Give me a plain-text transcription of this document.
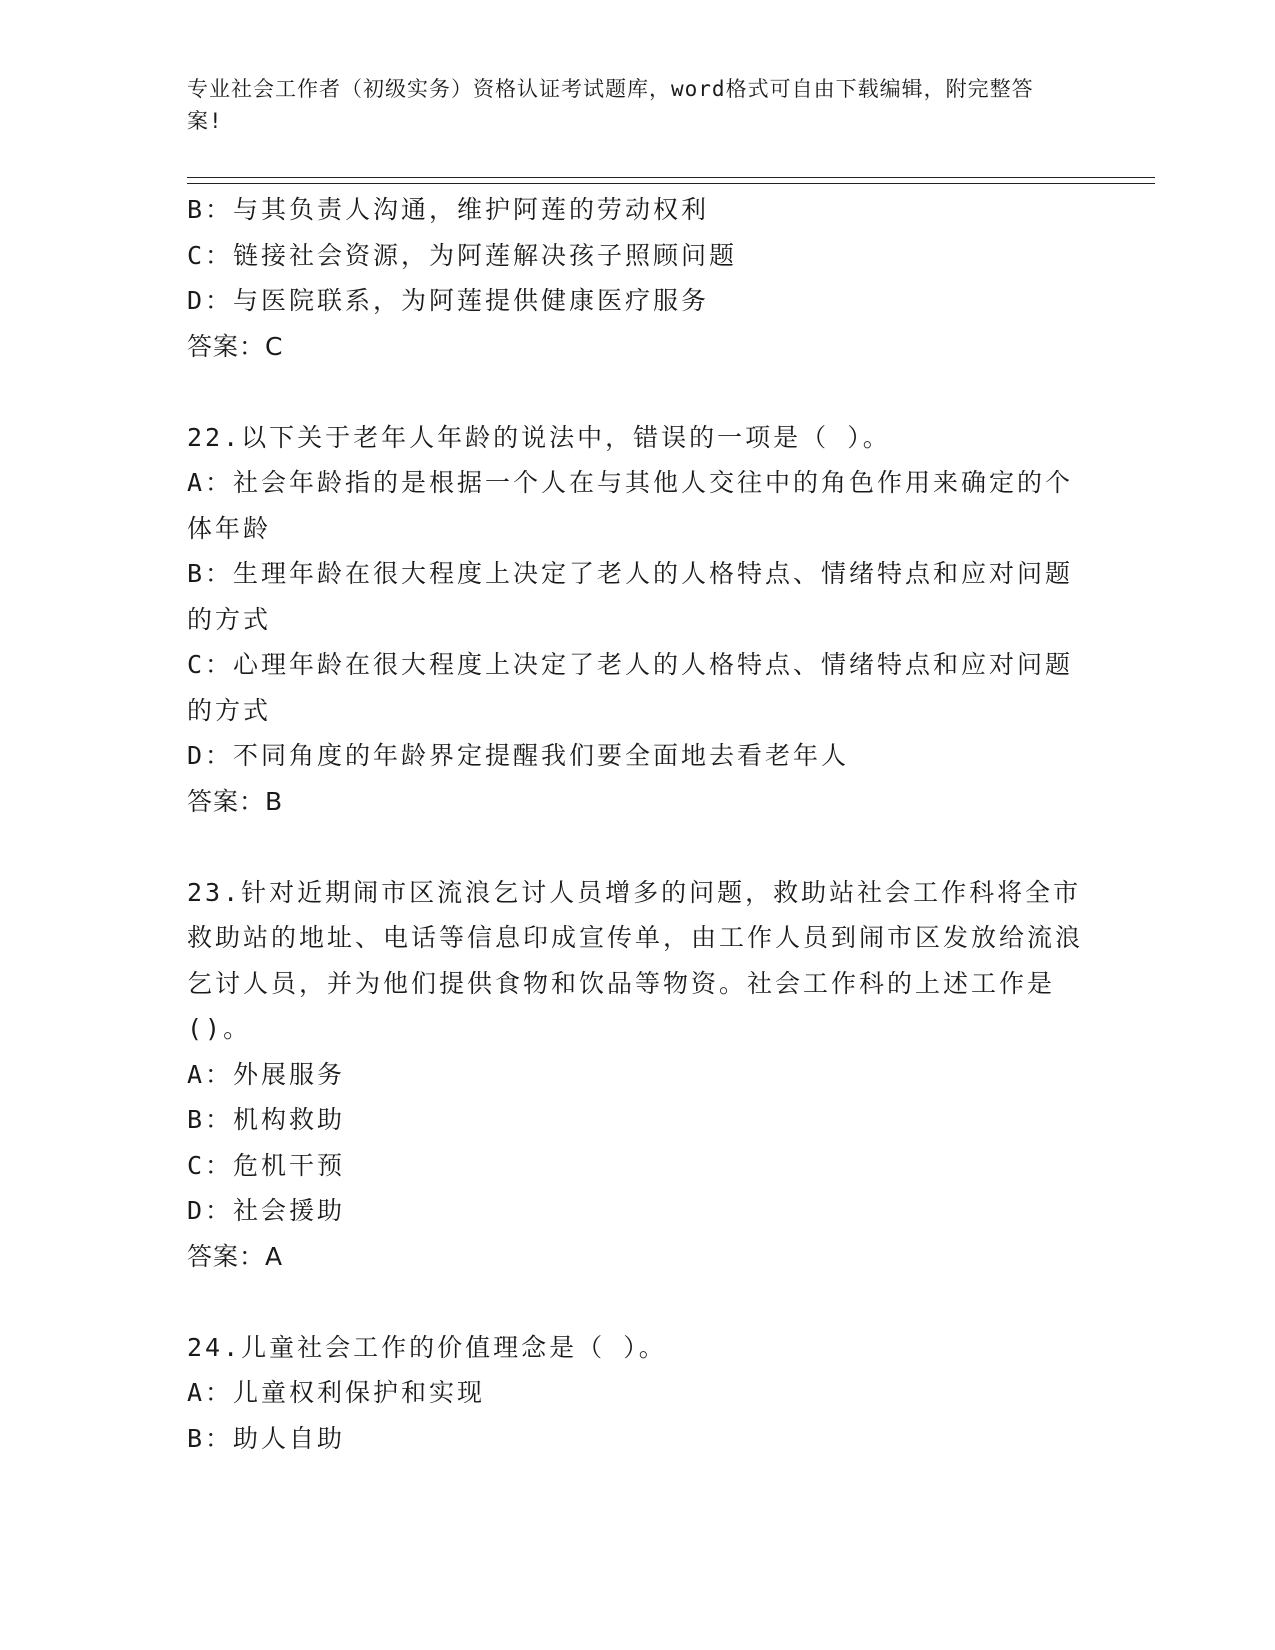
专业社会工作者（初级实务）资格认证考试题库，word格式可自由下载编辑，附完整答案!
B：与其负责人沟通，维护阿莲的劳动权利
C：链接社会资源，为阿莲解决孩子照顾问题
D：与医院联系，为阿莲提供健康医疗服务
答案：C
22.以下关于老年人年龄的说法中，错误的一项是（ ）。
A：社会年龄指的是根据一个人在与其他人交往中的角色作用来确定的个体年龄
B：生理年龄在很大程度上决定了老人的人格特点、情绪特点和应对问题的方式
C：心理年龄在很大程度上决定了老人的人格特点、情绪特点和应对问题的方式
D：不同角度的年龄界定提醒我们要全面地去看老年人
答案：B
23.针对近期闹市区流浪乞讨人员增多的问题，救助站社会工作科将全市救助站的地址、电话等信息印成宣传单，由工作人员到闹市区发放给流浪乞讨人员，并为他们提供食物和饮品等物资。社会工作科的上述工作是()。
A：外展服务
B：机构救助
C：危机干预
D：社会援助
答案：A
24.儿童社会工作的价值理念是（ ）。
A：儿童权利保护和实现
B：助人自助
